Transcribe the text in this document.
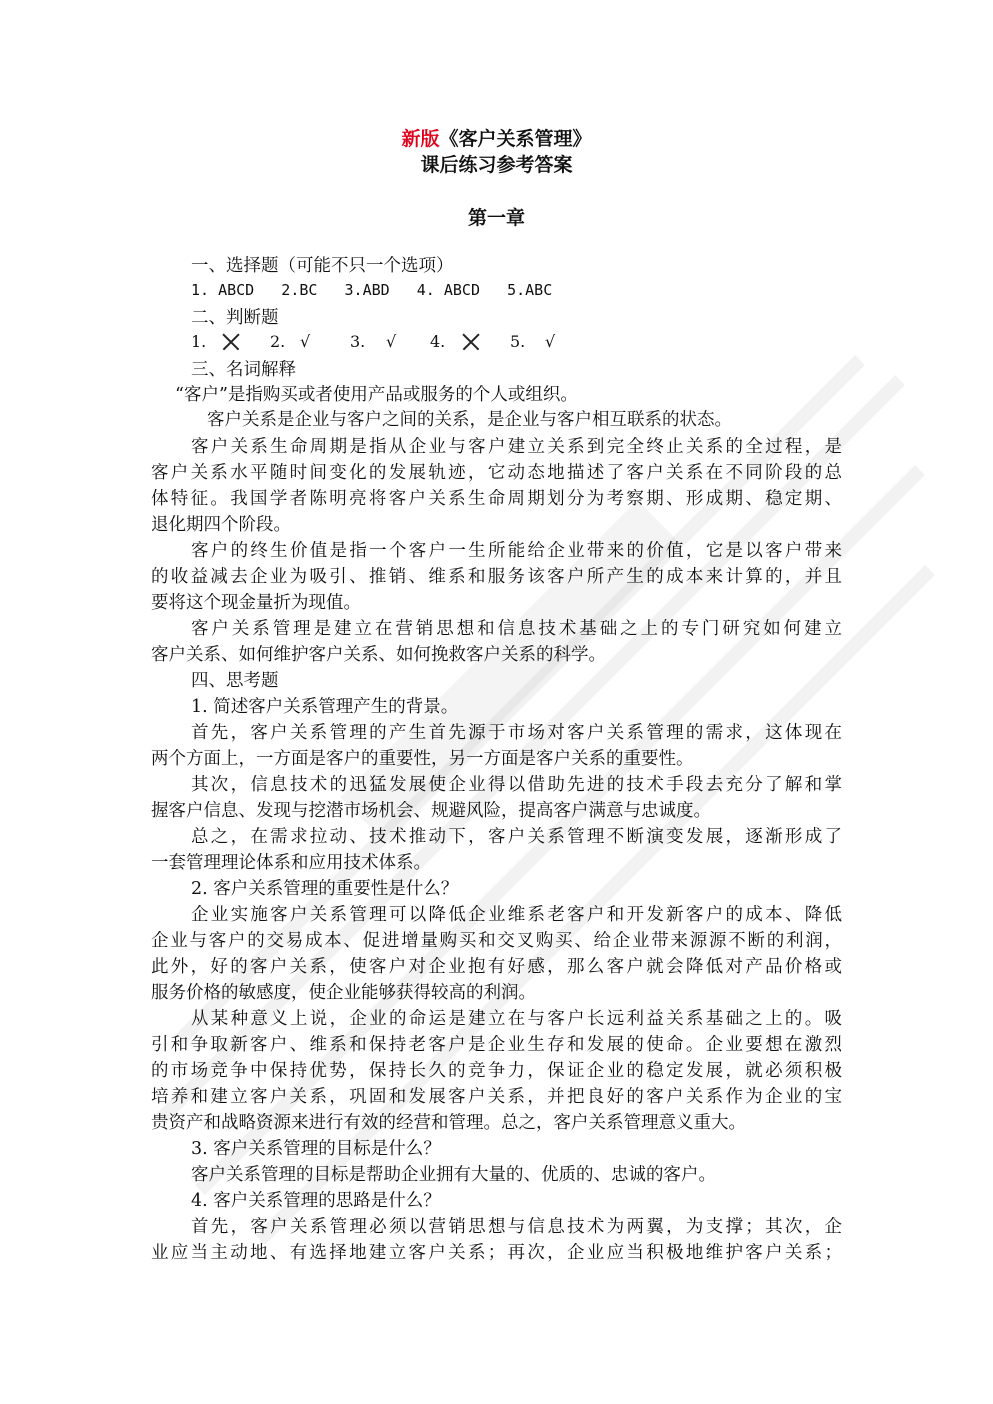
新版《客户关系管理》
课后练习参考答案
第一章
一、选择题（可能不只一个选项）
1. ABCD   2.BC   3.ABD   4. ABCD   5.ABC
二、判断题
1.	2. √ 3. √ 4.	5. √
三、名词解释
“客户”是指购买或者使用产品或服务的个人或组织。
客户关系是企业与客户之间的关系，是企业与客户相互联系的状态。
客户关系生命周期是指从企业与客户建立关系到完全终止关系的全过程，是
客户关系水平随时间变化的发展轨迹，它动态地描述了客户关系在不同阶段的总
体特征。我国学者陈明亮将客户关系生命周期划分为考察期、形成期、稳定期、
退化期四个阶段。
客户的终生价值是指一个客户一生所能给企业带来的价值，它是以客户带来
的收益减去企业为吸引、推销、维系和服务该客户所产生的成本来计算的，并且
要将这个现金量折为现值。
客户关系管理是建立在营销思想和信息技术基础之上的专门研究如何建立
客户关系、如何维护客户关系、如何挽救客户关系的科学。
四、思考题
1. 简述客户关系管理产生的背景。
首先，客户关系管理的产生首先源于市场对客户关系管理的需求，这体现在
两个方面上，一方面是客户的重要性，另一方面是客户关系的重要性。
其次，信息技术的迅猛发展使企业得以借助先进的技术手段去充分了解和掌
握客户信息、发现与挖潜市场机会、规避风险，提高客户满意与忠诚度。
总之，在需求拉动、技术推动下，客户关系管理不断演变发展，逐渐形成了
一套管理理论体系和应用技术体系。
2. 客户关系管理的重要性是什么？
企业实施客户关系管理可以降低企业维系老客户和开发新客户的成本、降低
企业与客户的交易成本、促进增量购买和交叉购买、给企业带来源源不断的利润，
此外，好的客户关系，使客户对企业抱有好感，那么客户就会降低对产品价格或
服务价格的敏感度，使企业能够获得较高的利润。
从某种意义上说，企业的命运是建立在与客户长远利益关系基础之上的。吸
引和争取新客户、维系和保持老客户是企业生存和发展的使命。企业要想在激烈
的市场竞争中保持优势，保持长久的竞争力，保证企业的稳定发展，就必须积极
培养和建立客户关系，巩固和发展客户关系，并把良好的客户关系作为企业的宝
贵资产和战略资源来进行有效的经营和管理。总之，客户关系管理意义重大。
3. 客户关系管理的目标是什么？
客户关系管理的目标是帮助企业拥有大量的、优质的、忠诚的客户。
4. 客户关系管理的思路是什么？
首先，客户关系管理必须以营销思想与信息技术为两翼，为支撑；其次，企
业应当主动地、有选择地建立客户关系；再次，企业应当积极地维护客户关系；
